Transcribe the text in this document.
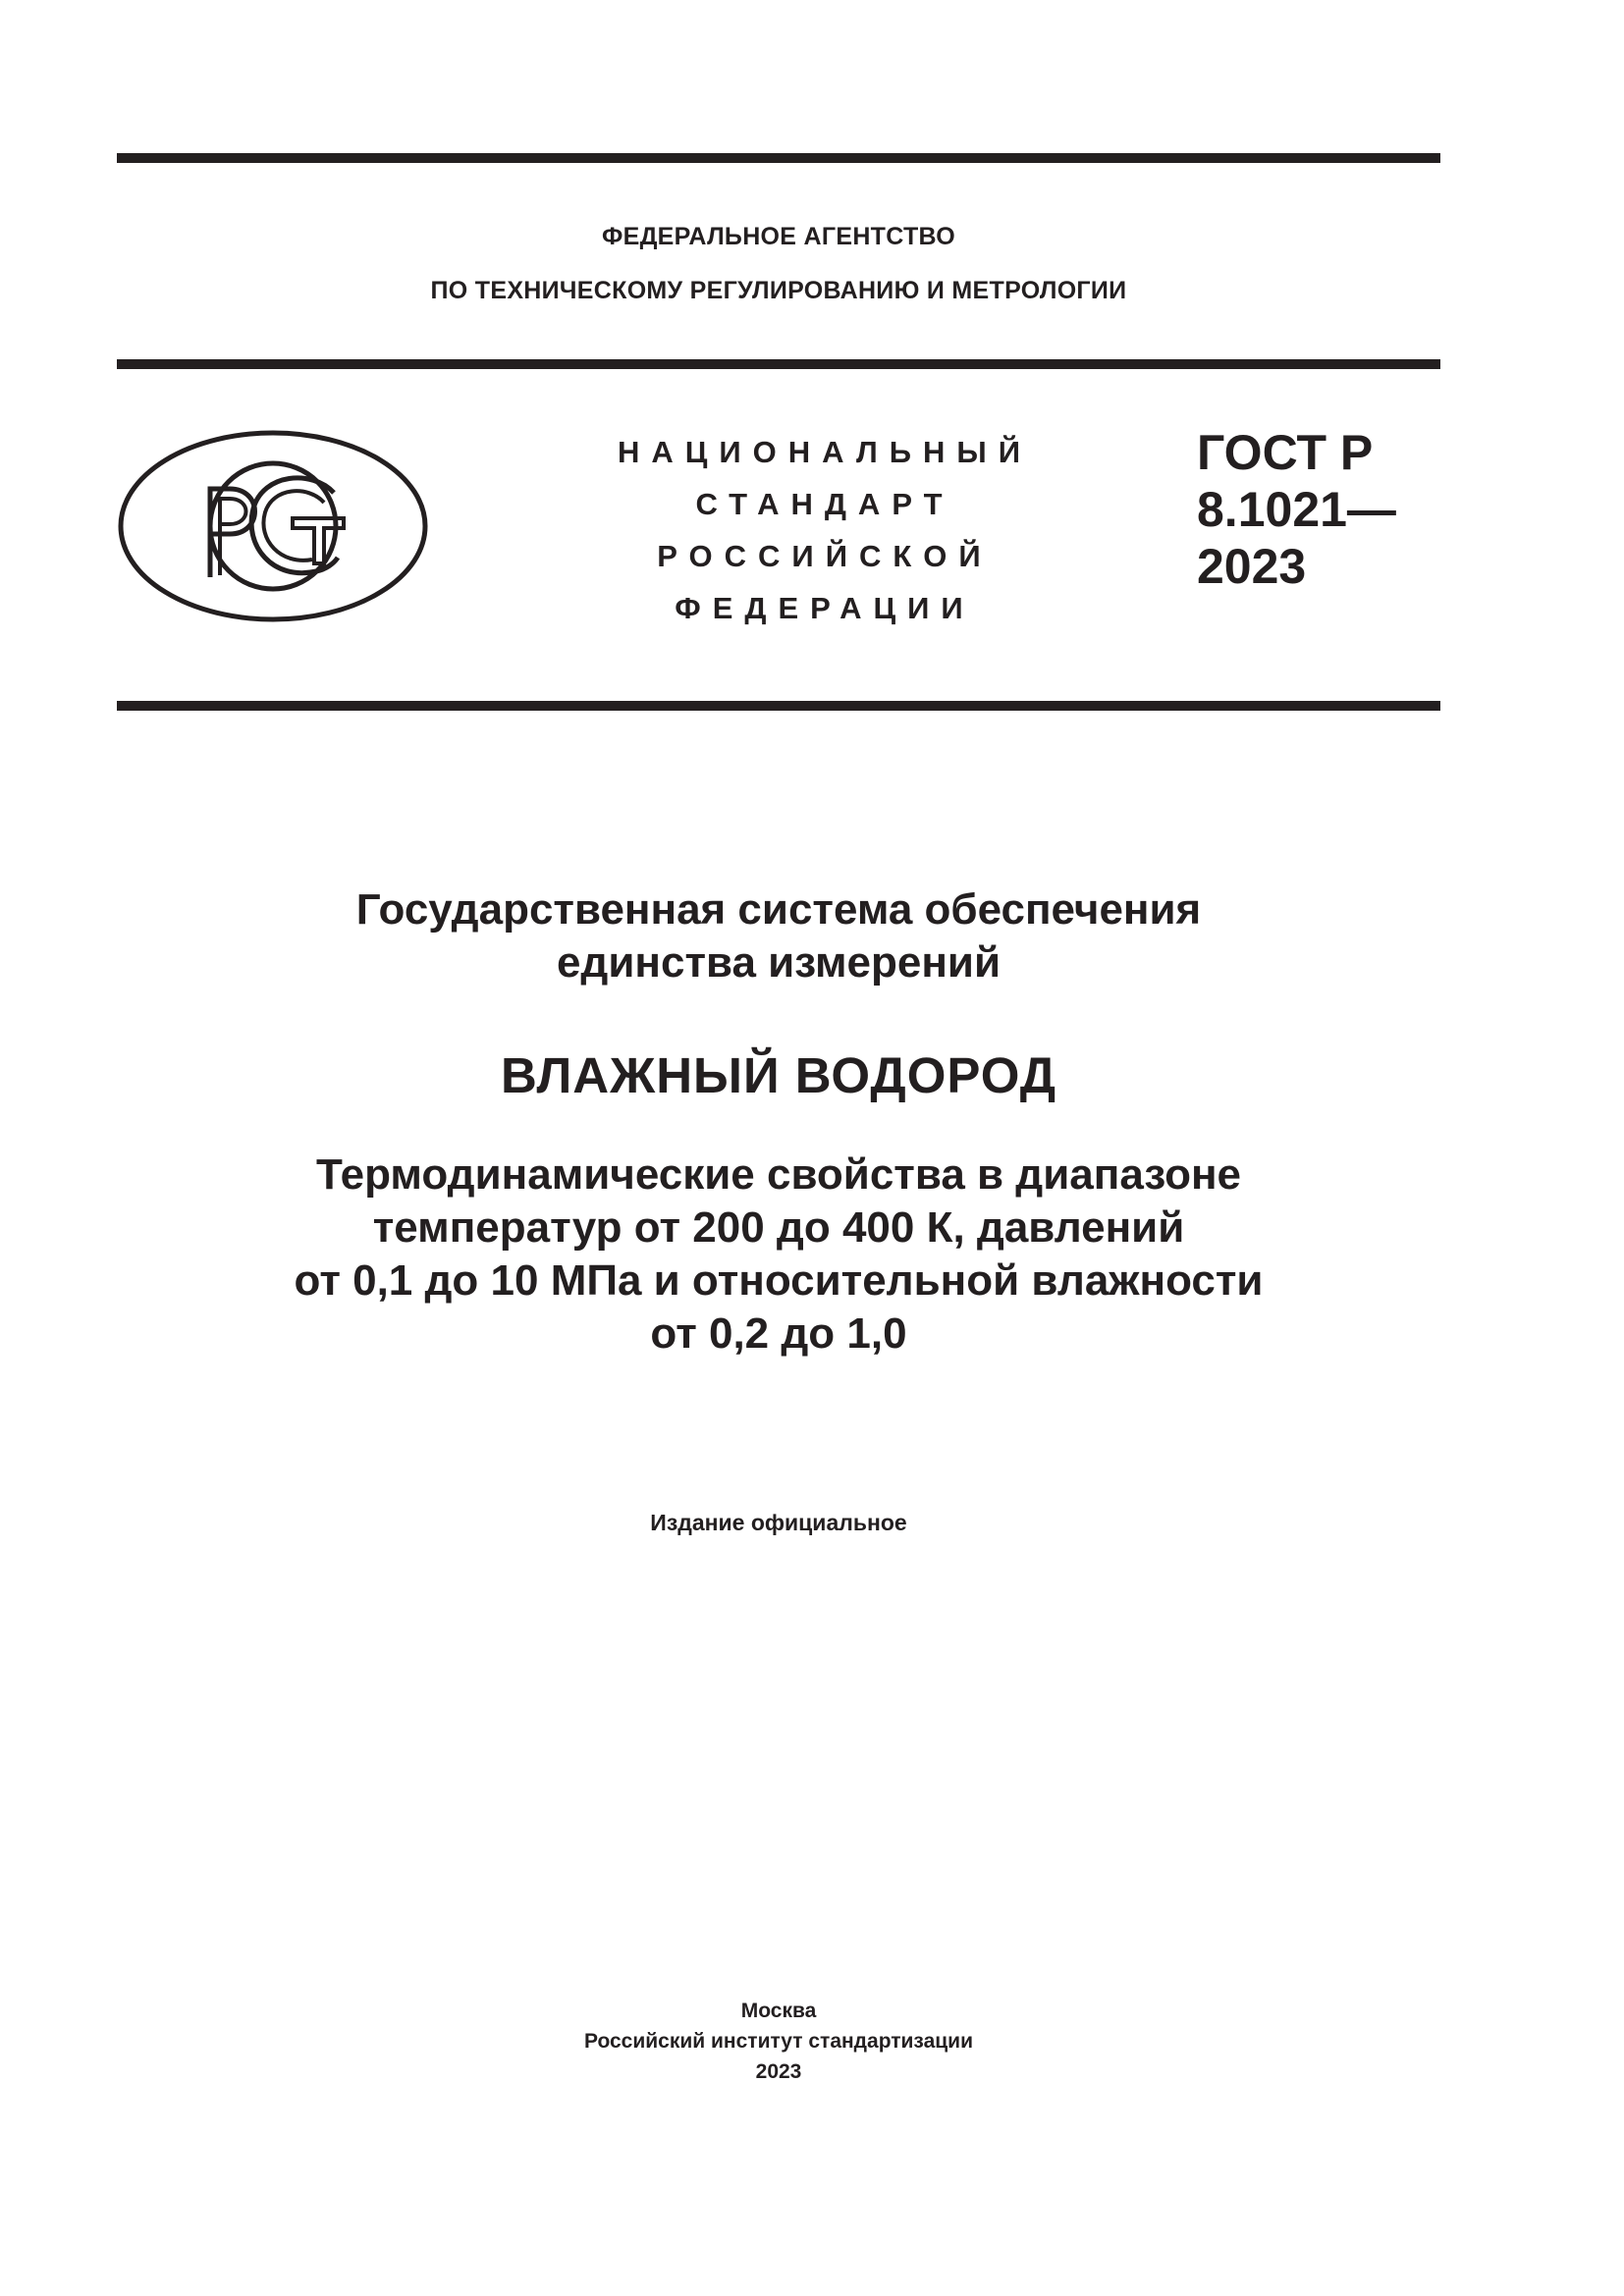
ФЕДЕРАЛЬНОЕ АГЕНТСТВО
ПО ТЕХНИЧЕСКОМУ РЕГУЛИРОВАНИЮ И МЕТРОЛОГИИ
НАЦИОНАЛЬНЫЙ
СТАНДАРТ
РОССИЙСКОЙ
ФЕДЕРАЦИИ
ГОСТ Р
8.1021—
2023
Государственная система обеспечения
единства измерений
ВЛАЖНЫЙ ВОДОРОД
Термодинамические свойства в диапазоне
температур от 200 до 400 К, давлений
от 0,1 до 10 МПа и относительной влажности
от 0,2 до 1,0
Издание официальное
Москва
Российский институт стандартизации
2023
